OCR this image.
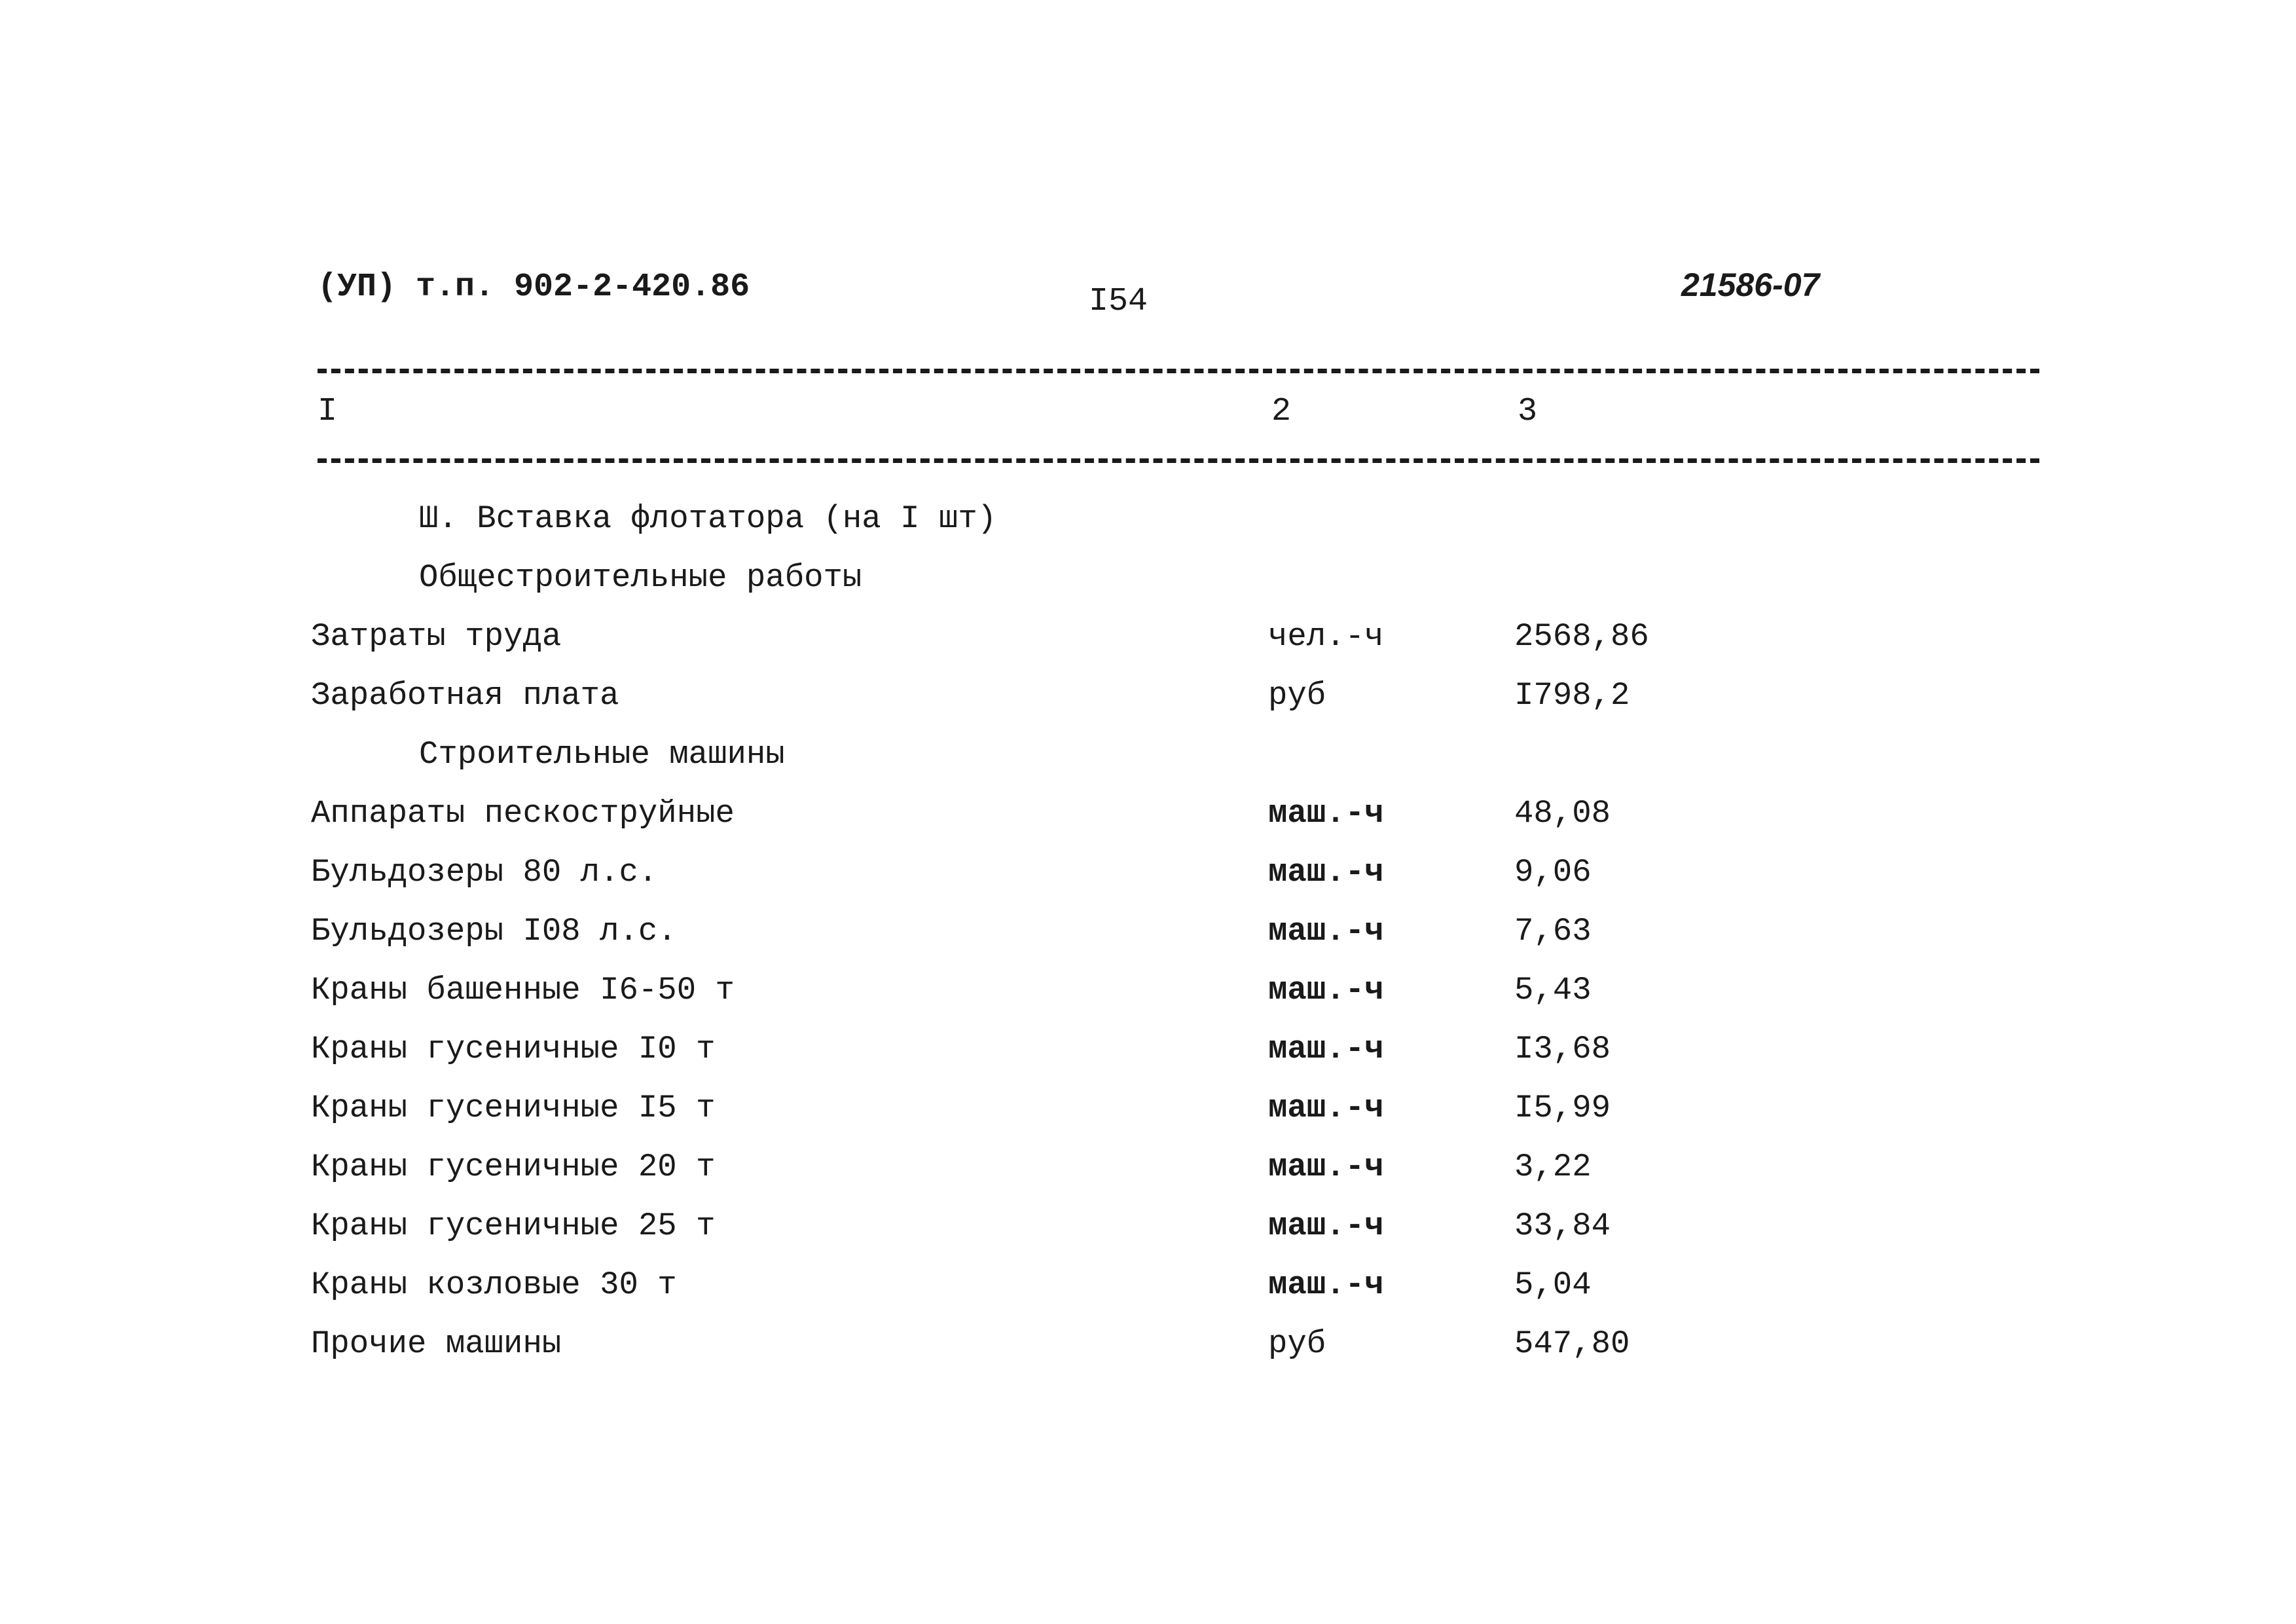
(УП) т.п. 902-2-420.86	I54	21586-07
I	2	3
Ш. Вставка флотатора (на I шт)
Общестроительные работы
Затраты труда	чел.-ч	2568,86
Заработная плата	руб	I798,2
Строительные машины
Аппараты пескоструйные	маш.-ч	48,08
Бульдозеры 80 л.с.	маш.-ч	9,06
Бульдозеры I08 л.с.	маш.-ч	7,63
Краны башенные I6-50 т	маш.-ч	5,43
Краны гусеничные I0 т	маш.-ч	I3,68
Краны гусеничные I5 т	маш.-ч	I5,99
Краны гусеничные 20 т	маш.-ч	3,22
Краны гусеничные 25 т	маш.-ч	33,84
Краны козловые 30 т	маш.-ч	5,04
Прочие машины	руб	547,80
